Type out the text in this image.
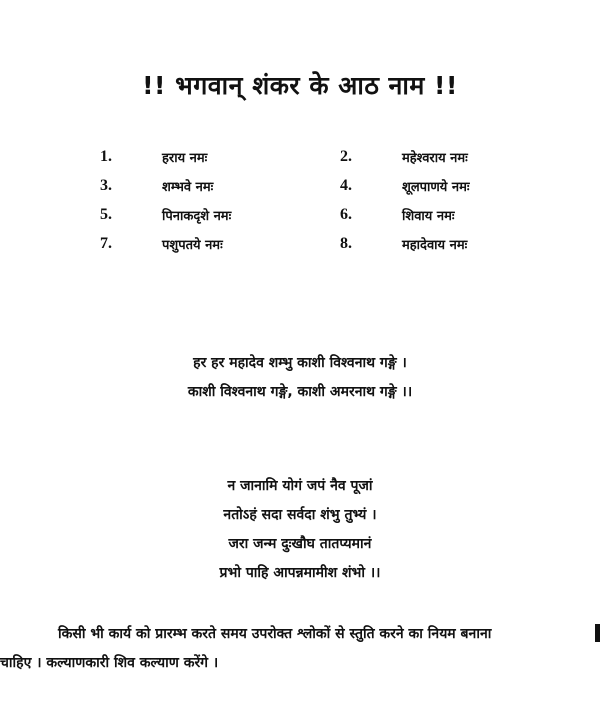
!! भगवान् शंकर के आठ नाम !!
1.	हराय नमः	2.	महेश्वराय नमः
3.	शम्भवे नमः	4.	शूलपाणये नमः
5.	पिनाकदृशे नमः	6.	शिवाय नमः
7.	पशुपतये नमः	8.	महादेवाय नमः
हर हर महादेव शम्भु काशी विश्वनाथ गङ्गे ।
काशी विश्वनाथ गङ्गे, काशी अमरनाथ गङ्गे ।।
न जानामि योगं जपं नैव पूजां
नतोऽहं सदा सर्वदा शंभु तुभ्यं ।
जरा जन्म दुःखौघ तातप्यमानं
प्रभो पाहि आपन्नमामीश शंभो ।।
किसी भी कार्य को प्रारम्भ करते समय उपरोक्त श्लोकों से स्तुति करने का नियम बनाना
चाहिए । कल्याणकारी शिव कल्याण करेंगे ।
